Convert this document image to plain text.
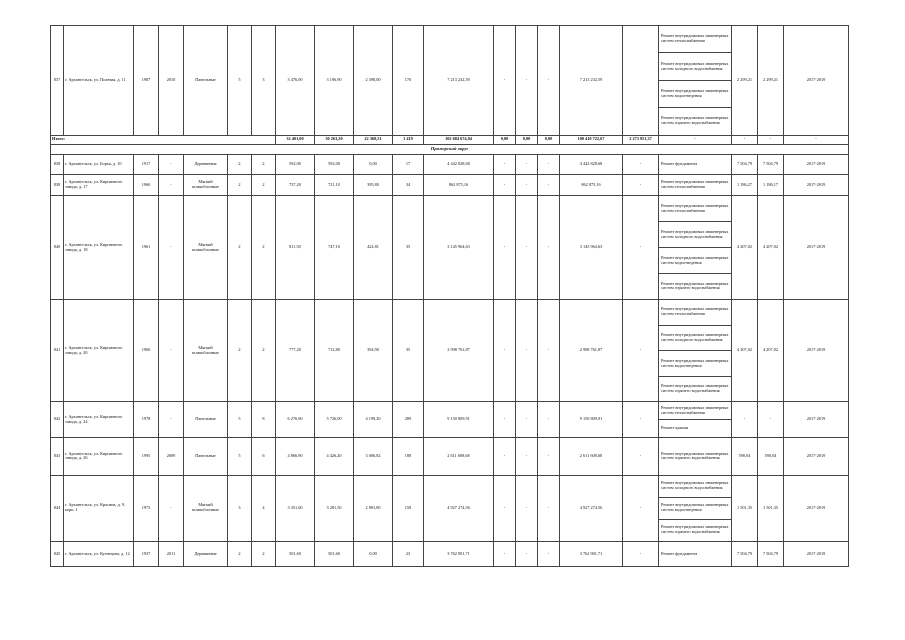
837	г. Архангельск, ул. Полевая, д. 11	1987	2010	Панельные	5	3	3 476,00	3 196,90	2 398,00	176	7 213 232,59	-	-	-	7 213 232,59		Ремонт внутридомовых инженерных систем теплоснабжения
Ремонт внутридомовых инженерных систем холодного водоснабжения
Ремонт внутридомовых инженерных систем водоотведения
Ремонт внутридомовых инженерных систем горячего водоснабжения	2 299,21	2 299,21	2017-2019
Итого:							32 401,00	30 263,20	22 368,51	1 419	102 684 674,04	0,00	0,00	0,00	100 410 722,67	2 273 951,37	-	-	-	-
Приморский округ																				
838	г. Архангельск, ул. Борья, д. 10	1917	-	Деревянные	2	2	592,00	592,00	0,00	17	4 442 828,68	-	-	-	4 442 828,68	-	Ремонт фундамента	7 504,79	7 504,79	2017-2019
838	г. Архангельск, ул. Кирпичного завода, д. 17	1960	-	Мягкий шлакоблочные	2	2	737,20	721,10	395,80	34	862 875,16	-	-	-	862 875,16	-	Ремонт внутридомовых инженерных систем теплоснабжения	1 186,27	1 186,17	2017-2019
840	г. Архангельск, ул. Кирпичного завода, д. 18	1961	-	Мягкий шлакоблочные	2	2	811,50	747,10	424,81	35	3 145 964,63	-	-	-	3 145 964,63	-	Ремонт внутридомовых инженерных систем теплоснабжения
Ремонт внутридомовых инженерных систем холодного водоснабжения
Ремонт внутридомовых инженерных систем водоотведения
Ремонт внутридомовых инженерных систем горячего водоснабжения	4 207,02	4 207,02	2017-2019
841	г. Архангельск, ул. Кирпичного завода, д. 20	1960	-	Мягкий шлакоблочные	2	2	777,20	712,80	394,90	35	2 998 761,87	-	-	-	2 998 761,87	-	Ремонт внутридомовых инженерных систем теплоснабжения
Ремонт внутридомовых инженерных систем холодного водоснабжения
Ремонт внутридомовых инженерных систем водоотведения
Ремонт внутридомовых инженерных систем горячего водоснабжения	4 207,02	4 207,02	2017-2019
842	г. Архангельск, ул. Кирпичного завода, д. 24	1978	-	Панельные	5	8	6 276,90	5 726,00	4 199,20	289	9 150 809,91	-	-	-	9 150 809,91	-	Ремонт внутридомовых инженерных систем теплоснабжения
Ремонт крыши	-	-	2017-2019
843	г. Архангельск, ул. Кирпичного завода, д. 26	1995	2009	Панельные	5	6	4 866,90	4 426,20	3 006,82	188	2 611 608,68	-	-	-	2 611 608,68	-	Ремонт внутридомовых инженерных систем горячего водоснабжения	590,04	590,04	2017-2019
844	г. Архангельск, ул. Красина, д. 9, корп. 1	1973	-	Мягкий шлакоблочные	3	4	3 351,60	3 281,50	2 881,80	158	4 927 274,56	-	-	-	4 927 274,56	-	Ремонт внутридомовых инженерных систем холодного водоснабжения
Ремонт внутридомовых инженерных систем водоотведения
Ремонт внутридомовых инженерных систем горячего водоснабжения	1 501,35	1 501,35	2017-2019
845	г. Архангельск, ул. Кузнецова, д. 12	1937	2011	Деревянные	2	2	501,60	501,60	0,00	23	3 762 901,71	-	-	-	3 762 901,71	-	Ремонт фундамента	7 504,79	7 504,79	2017-2019
